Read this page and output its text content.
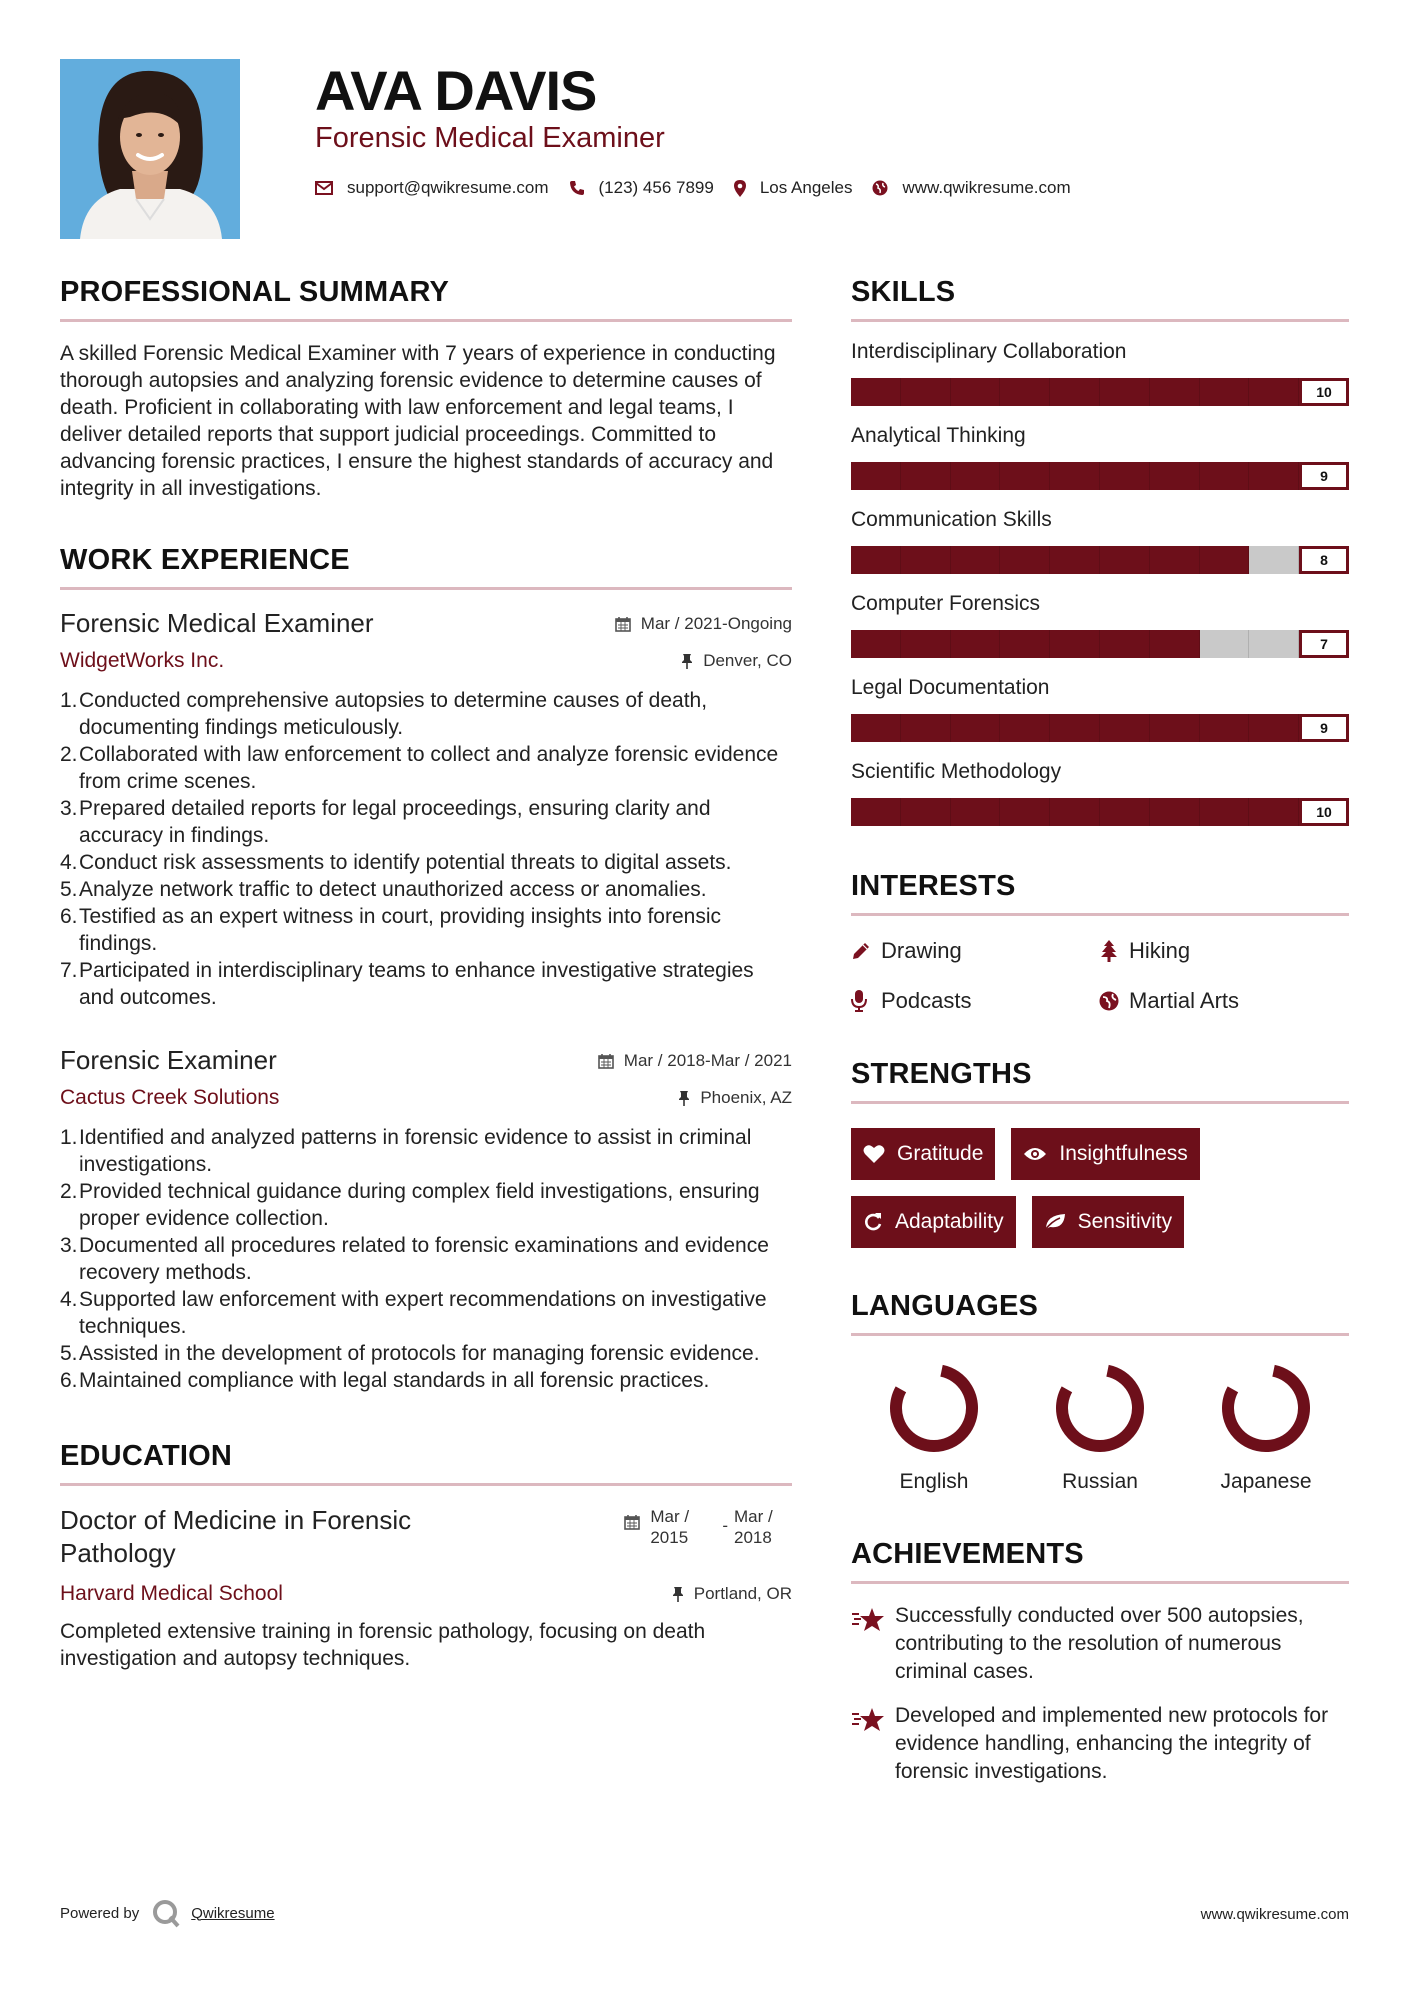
AVA DAVIS
Forensic Medical Examiner
support@qwikresume.com	(123) 456 7899	Los Angeles	www.qwikresume.com
PROFESSIONAL SUMMARY

A skilled Forensic Medical Examiner with 7 years of experience in conducting thorough autopsies and analyzing forensic evidence to determine causes of death. Proficient in collaborating with law enforcement and legal teams, I deliver detailed reports that support judicial proceedings. Committed to advancing forensic practices, I ensure the highest standards of accuracy and integrity in all investigations.

WORK EXPERIENCE
Forensic Medical Examiner	Mar / 2021-Ongoing
WidgetWorks Inc.	Denver, CO
1. Conducted comprehensive autopsies to determine causes of death, documenting findings meticulously.
2. Collaborated with law enforcement to collect and analyze forensic evidence from crime scenes.
3. Prepared detailed reports for legal proceedings, ensuring clarity and accuracy in findings.
4. Conduct risk assessments to identify potential threats to digital assets.
5. Analyze network traffic to detect unauthorized access or anomalies.
6. Testified as an expert witness in court, providing insights into forensic findings.
7. Participated in interdisciplinary teams to enhance investigative strategies and outcomes.
Forensic Examiner	Mar / 2018-Mar / 2021
Cactus Creek Solutions	Phoenix, AZ
1. Identified and analyzed patterns in forensic evidence to assist in criminal investigations.
2. Provided technical guidance during complex field investigations, ensuring proper evidence collection.
3. Documented all procedures related to forensic examinations and evidence recovery methods.
4. Supported law enforcement with expert recommendations on investigative techniques.
5. Assisted in the development of protocols for managing forensic evidence.
6. Maintained compliance with legal standards in all forensic practices.
EDUCATION
Doctor of Medicine in Forensic Pathology
Mar / 2015
- Mar / 2018
Harvard Medical School	Portland, OR

Completed extensive training in forensic pathology, focusing on death investigation and autopsy techniques.

SKILLS
Interdisciplinary Collaboration
10
Analytical Thinking
9
Communication Skills
8
Computer Forensics
7
Legal Documentation
9
Scientific Methodology
10
INTERESTS
Drawing	Hiking
Podcasts	Martial Arts
STRENGTHS
Gratitude	Insightfulness
Adaptability	Sensitivity
LANGUAGES
English	Russian	Japanese
ACHIEVEMENTS
Successfully conducted over 500 autopsies, contributing to the resolution of numerous criminal cases.
Developed and implemented new protocols for evidence handling, enhancing the integrity of forensic investigations.
Powered by	Qwikresume	www.qwikresume.com
